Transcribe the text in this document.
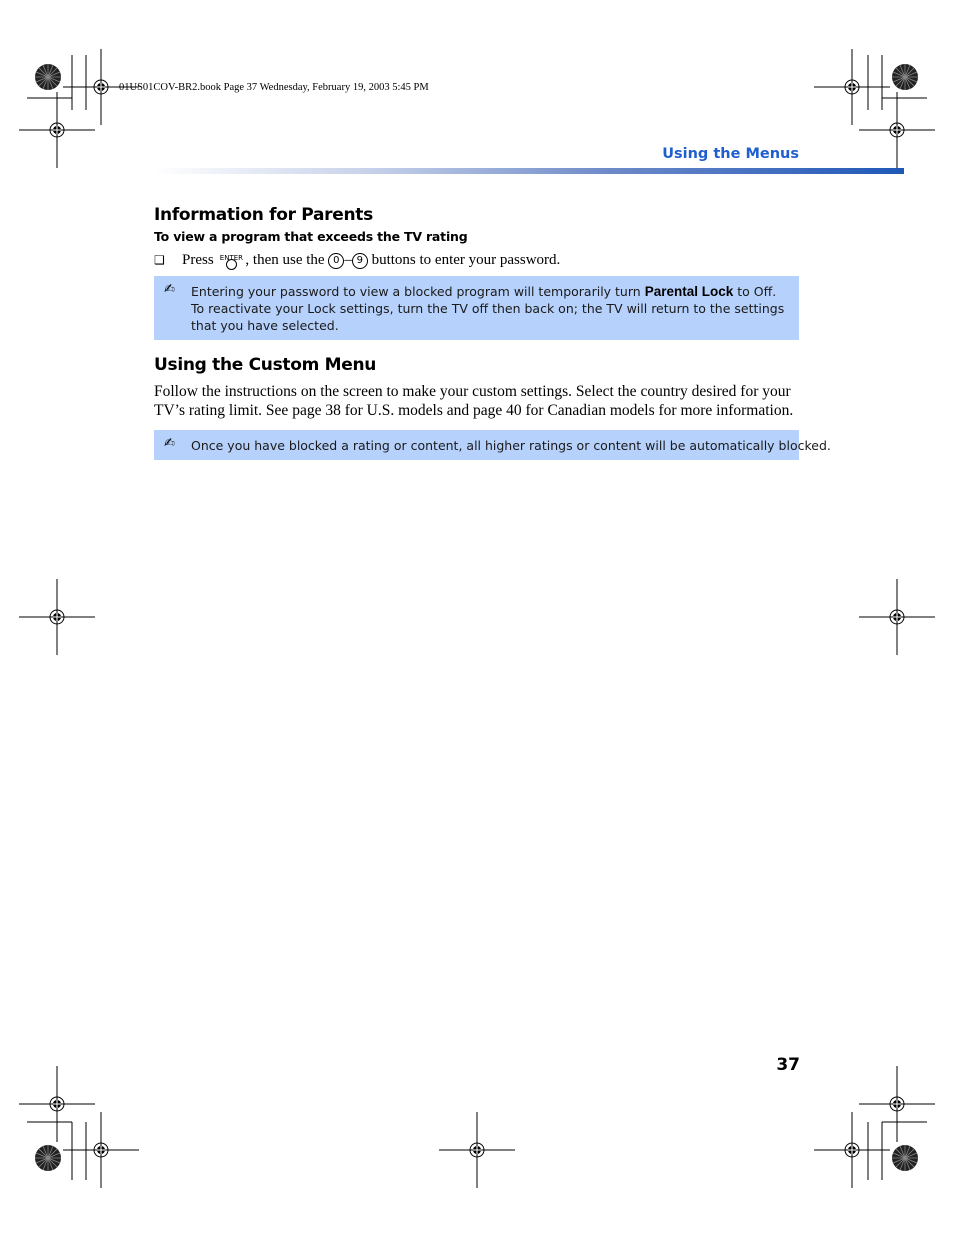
01US01COV-BR2.book Page 37 Wednesday, February 19, 2003 5:45 PM
Using the Menus
Information for Parents
To view a program that exceeds the TV rating
❑ Press ENTER , then use the 0 – 9 buttons to enter your password.
✍ Entering your password to view a blocked program will temporarily turn Parental Lock to Off. To reactivate your Lock settings, turn the TV off then back on; the TV will return to the settings that you have selected.
Using the Custom Menu
Follow the instructions on the screen to make your custom settings. Select the country desired for your TV’s rating limit. See page 38 for U.S. models and page 40 for Canadian models for more information.
✍ Once you have blocked a rating or content, all higher ratings or content will be automatically blocked.
37
